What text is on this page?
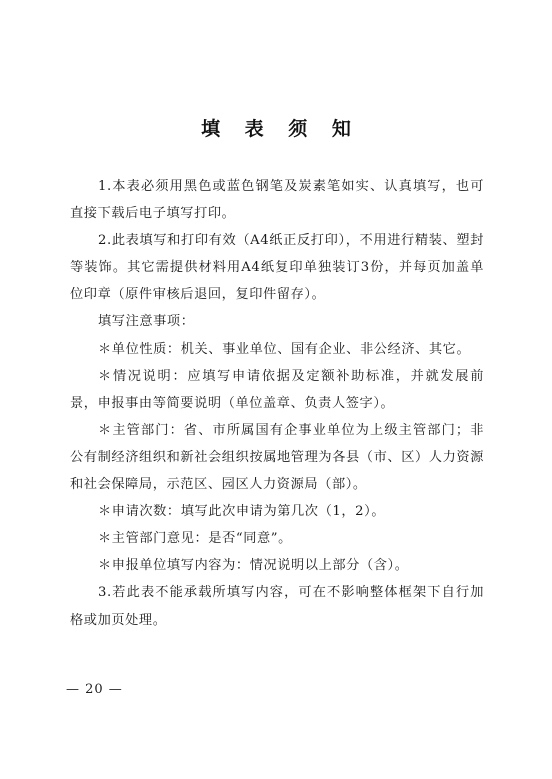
填 表 须 知

1.本表必须用黑色或蓝色钢笔及炭素笔如实、认真填写，也可直接下载后电子填写打印。

2.此表填写和打印有效（A4纸正反打印），不用进行精装、塑封等装饰。其它需提供材料用A4纸复印单独装订3份，并每页加盖单位印章（原件审核后退回，复印件留存）。

填写注意事项：

＊单位性质：机关、事业单位、国有企业、非公经济、其它。

＊情况说明：应填写申请依据及定额补助标准，并就发展前景，申报事由等简要说明（单位盖章、负责人签字）。

＊主管部门：省、市所属国有企事业单位为上级主管部门；非公有制经济组织和新社会组织按属地管理为各县（市、区）人力资源和社会保障局，示范区、园区人力资源局（部）。

＊申请次数：填写此次申请为第几次（1，2）。

＊主管部门意见：是否“同意”。

＊申报单位填写内容为：情况说明以上部分（含）。

3.若此表不能承载所填写内容，可在不影响整体框架下自行加格或加页处理。

— 20 —
